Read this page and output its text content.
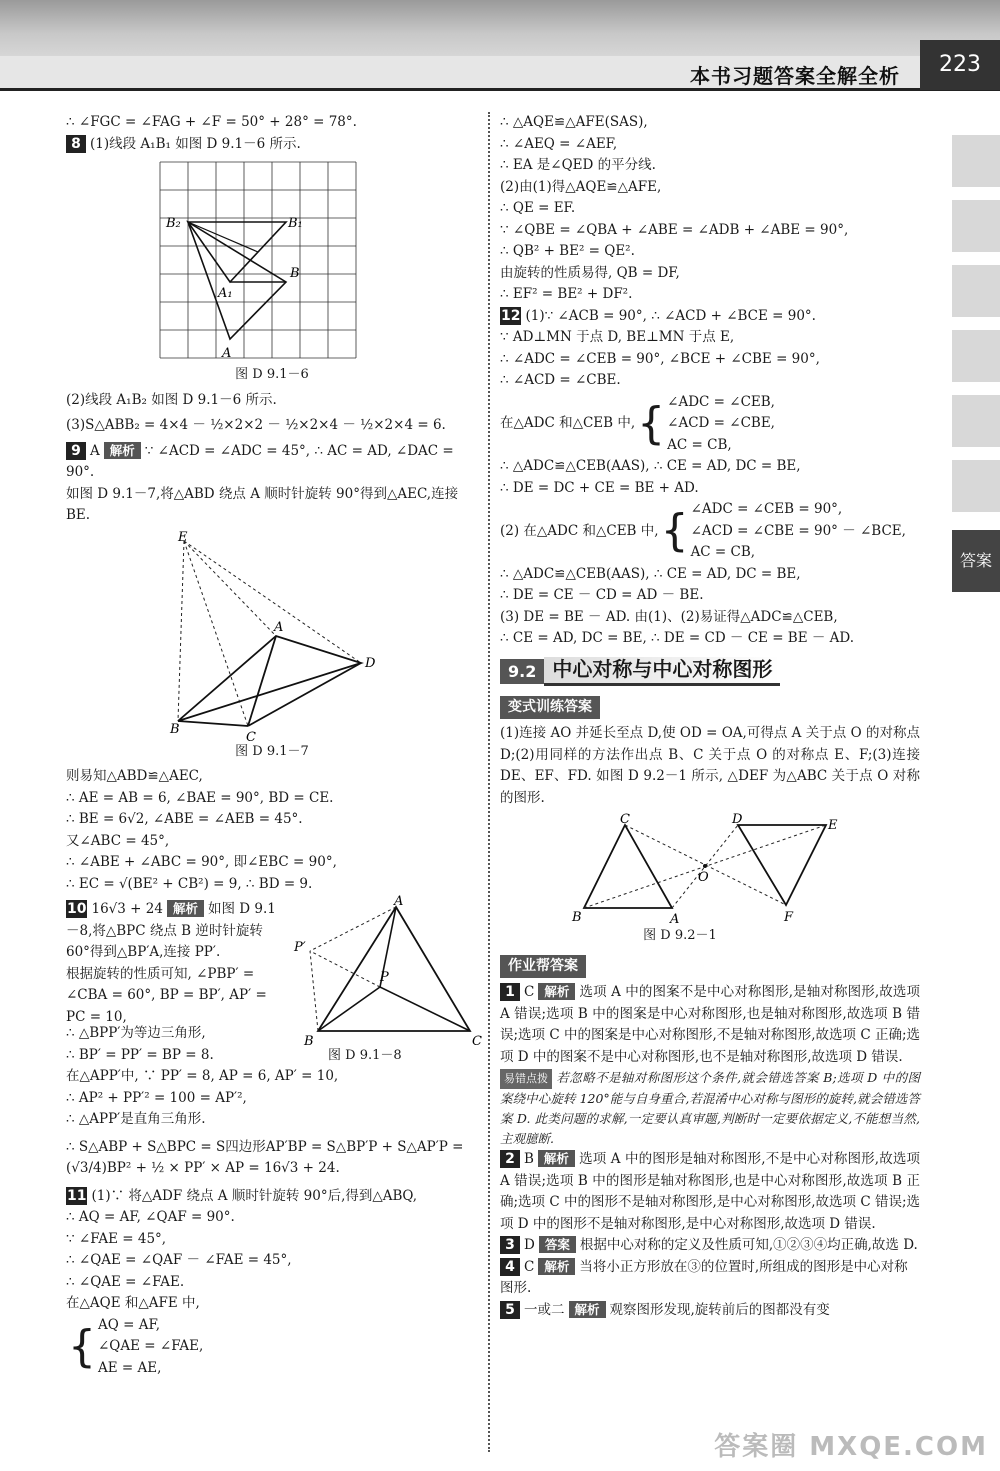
本书习题答案全解全析	223
答案

∴ ∠FGC = ∠FAG + ∠F = 50° + 28° = 78°.

8 (1)线段 A₁B₁ 如图 D 9.1－6 所示.

B₂	B₁
B
A₁
A
图 D 9.1－6

(2)线段 A₁B₂ 如图 D 9.1－6 所示.

(3)S△ABB₂ = 4×4 － ½×2×2 － ½×2×4 － ½×2×4 = 6.

9 A 解析 ∵ ∠ACD = ∠ADC = 45°, ∴ AC = AD, ∠DAC = 90°.

如图 D 9.1－7,将△ABD 绕点 A 顺时针旋转 90°得到△AEC,连接 BE.

E
A
D
B
C
图 D 9.1－7

则易知△ABD≌△AEC,

∴ AE = AB = 6, ∠BAE = 90°, BD = CE.

∴ BE = 6√2, ∠ABE = ∠AEB = 45°.

又∠ABC = 45°,

∴ ∠ABE + ∠ABC = 90°, 即∠EBC = 90°,

∴ EC = √(BE² + CB²) = 9, ∴ BD = 9.

10 16√3 + 24 解析 如图 D 9.1－8,将△BPC 绕点 B 逆时针旋转 60°得到△BP′A,连接 PP′.

根据旋转的性质可知, ∠PBP′ = ∠CBA = 60°, BP = BP′, AP′ = PC = 10,

A
P′
P
B	C
图 D 9.1－8

∴ △BPP′为等边三角形,

∴ BP′ = PP′ = BP = 8.

在△APP′中, ∵ PP′ = 8, AP = 6, AP′ = 10,

∴ AP² + PP′² = 100 = AP′²,

∴ △APP′是直角三角形.

∴ S△ABP + S△BPC = S四边形AP′BP = S△BP′P + S△AP′P = (√3/4)BP² + ½ × PP′ × AP = 16√3 + 24.

11 (1)∵ 将△ADF 绕点 A 顺时针旋转 90°后,得到△ABQ,

∴ AQ = AF, ∠QAF = 90°.

∵ ∠FAE = 45°,

∴ ∠QAE = ∠QAF － ∠FAE = 45°,

∴ ∠QAE = ∠FAE.

在△AQE 和△AFE 中,

{ AQ = AF,

∠QAE = ∠FAE,

AE = AE,

∴ △AQE≌△AFE(SAS),

∴ ∠AEQ = ∠AEF,

∴ EA 是∠QED 的平分线.

(2)由(1)得△AQE≌△AFE,

∴ QE = EF.

∵ ∠QBE = ∠QBA + ∠ABE = ∠ADB + ∠ABE = 90°,

∴ QB² + BE² = QE².

由旋转的性质易得, QB = DF,

∴ EF² = BE² + DF².

12 (1)∵ ∠ACB = 90°, ∴ ∠ACD + ∠BCE = 90°.

∵ AD⊥MN 于点 D, BE⊥MN 于点 E,

∴ ∠ADC = ∠CEB = 90°, ∠BCE + ∠CBE = 90°,

∴ ∠ACD = ∠CBE.

在△ADC 和△CEB 中, { ∠ADC = ∠CEB,

∠ACD = ∠CBE,

AC = CB,

∴ △ADC≌△CEB(AAS), ∴ CE = AD, DC = BE,

∴ DE = DC + CE = BE + AD.

(2) 在△ADC 和△CEB 中, { ∠ADC = ∠CEB = 90°,

∠ACD = ∠CBE = 90° － ∠BCE,

AC = CB,

∴ △ADC≌△CEB(AAS), ∴ CE = AD, DC = BE,

∴ DE = CE － CD = AD － BE.

(3) DE = BE － AD. 由(1)、(2)易证得△ADC≌△CEB,

∴ CE = AD, DC = BE, ∴ DE = CD － CE = BE － AD.

9.2 中心对称与中心对称图形
变式训练答案

(1)连接 AO 并延长至点 D,使 OD = OA,可得点 A 关于点 O 的对称点 D;(2)用同样的方法作出点 B、C 关于点 O 的对称点 E、F;(3)连接 DE、EF、FD. 如图 D 9.2－1 所示, △DEF 为△ABC 关于点 O 对称的图形.

C	D	E
O
B	A	F
图 D 9.2－1
作业帮答案

1 C 解析 选项 A 中的图案不是中心对称图形,是轴对称图形,故选项 A 错误;选项 B 中的图案是中心对称图形,也是轴对称图形,故选项 B 错误;选项 C 中的图案是中心对称图形,不是轴对称图形,故选项 C 正确;选项 D 中的图案不是中心对称图形,也不是轴对称图形,故选项 D 错误.

易错点拨 若忽略不是轴对称图形这个条件,就会错选答案 B;选项 D 中的图案绕中心旋转 120°能与自身重合,若混淆中心对称与图形的旋转,就会错选答案 D. 此类问题的求解,一定要认真审题,判断时一定要依据定义,不能想当然,主观臆断.

2 B 解析 选项 A 中的图形是轴对称图形,不是中心对称图形,故选项 A 错误;选项 B 中的图形是轴对称图形,也是中心对称图形,故选项 B 正确;选项 C 中的图形不是轴对称图形,是中心对称图形,故选项 C 错误;选项 D 中的图形不是轴对称图形,是中心对称图形,故选项 D 错误.

3 D 答案 根据中心对称的定义及性质可知,①②③④均正确,故选 D.

4 C 解析 当将小正方形放在③的位置时,所组成的图形是中心对称图形.

5 一或二 解析 观察图形发现,旋转前后的图都没有变

答案圈 MXQE.COM
